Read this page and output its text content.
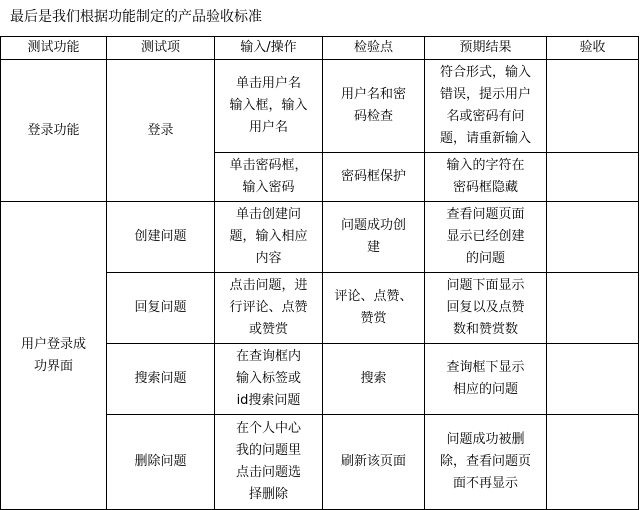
最后是我们根据功能制定的产品验收标准
测试功能	测试项	输入/操作	检验点	预期结果	验收

登录功能	登录	单击用户名
输入框，输入
用户名	用户名和密
码检查	符合形式，输入
错误，提示用户
名或密码有问
题，请重新输入	

		单击密码框，
输入密码	密码框保护	输入的字符在
密码框隐藏	

用户登录成
功界面	创建问题	单击创建问
题，输入相应
内容	问题成功创
建	查看问题页面
显示已经创建
的问题	

	回复问题	点击问题，进
行评论、点赞
或赞赏	评论、点赞、
赞赏	问题下面显示
回复以及点赞
数和赞赏数	

	搜索问题	在查询框内
输入标签或
id搜索问题	搜索	查询框下显示
相应的问题	

	删除问题	在个人中心
我的问题里
点击问题选
择删除	刷新该页面	问题成功被删
除，查看问题页
面不再显示	
